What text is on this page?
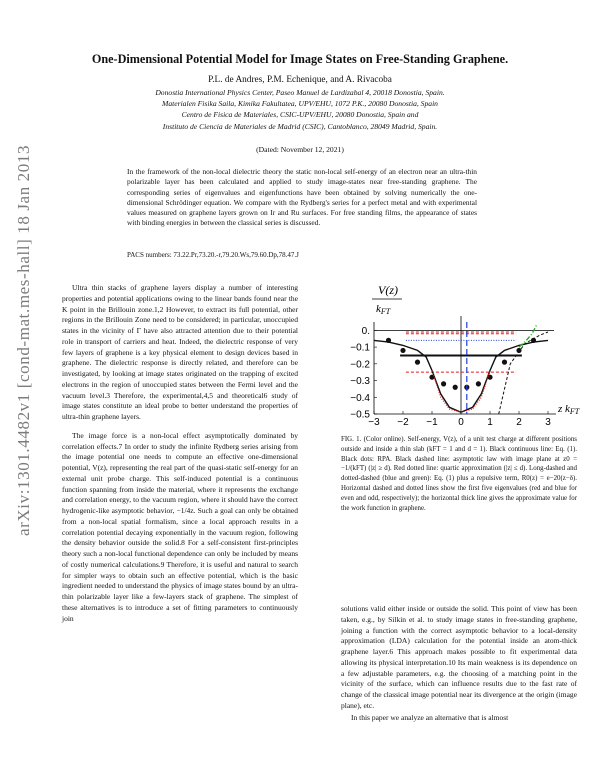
One-Dimensional Potential Model for Image States on Free-Standing Graphene.
P.L. de Andres, P.M. Echenique, and A. Rivacoba
Donostia International Physics Center, Paseo Manuel de Lardizabal 4, 20018 Donostia, Spain.
Materialen Fisika Saila, Kimika Fakultatea, UPV/EHU, 1072 P.K., 20080 Donostia, Spain
Centro de Fisica de Materiales, CSIC-UPV/EHU, 20080 Donostia, Spain and
Instituto de Ciencia de Materiales de Madrid (CSIC), Cantoblanco, 28049 Madrid, Spain.
(Dated: November 12, 2021)
In the framework of the non-local dielectric theory the static non-local self-energy of an electron near an ultra-thin polarizable layer has been calculated and applied to study image-states near free-standing graphene. The corresponding series of eigenvalues and eigenfunctions have been obtained by solving numerically the one-dimensional Schrödinger equation. We compare with the Rydberg's series for a perfect metal and with experimental values measured on graphene layers grown on Ir and Ru surfaces. For free standing films, the appearance of states with binding energies in between the classical series is discussed.
PACS numbers: 73.22.Pr,73.20.-r,79.20.Ws,79.60.Dp,78.47.J
arXiv:1301.4482v1 [cond-mat.mes-hall] 18 Jan 2013	Ultra thin stacks of graphene layers display a number of interesting properties and potential applications owing to the linear bands found near the K point in the Brillouin zone.1,2 However, to extract its full potential, other regions in the Brillouin Zone need to be considered; in particular, unoccupied states in the vicinity of Γ have also attracted attention due to their potential role in transport of carriers and heat. Indeed, the dielectric response of very few layers of graphene is a key physical element to design devices based in graphene. The dielectric response is directly related, and therefore can be investigated, by looking at image states originated on the trapping of excited electrons in the region of unoccupied states between the Fermi level and the vacuum level.3 Therefore, the experimental,4,5 and theoretical6 study of image states constitute an ideal probe to better understand the properties of ultra-thin graphene layers.

The image force is a non-local effect asymptotically dominated by correlation effects.7 In order to study the infinite Rydberg series arising from the image potential one needs to compute an effective one-dimensional potential, V(z), representing the real part of the quasi-static self-energy for an external unit probe charge. This self-induced potential is a continuous function spanning from inside the material, where it represents the exchange and correlation energy, to the vacuum region, where it should have the correct hydrogenic-like asymptotic behavior, −1/4z. Such a goal can only be obtained from a non-local spatial formalism, since a local approach results in a correlation potential decaying exponentially in the vacuum region, following the density behavior outside the solid.8 For a self-consistent first-principles theory such a non-local functional dependence can only be included by means of costly numerical calculations.9 Therefore, it is useful and natural to search for simpler ways to obtain such an effective potential, which is the basic ingredient needed to understand the physics of image states bound by an ultra-thin polarizable layer like a few-layers stack of graphene. The simplest of these alternatives is to introduce a set of fitting parameters to continuously join

0.
−0.1
−0.2
−0.3
−0.4
−0.5
−3 −2 −1 0 1 2 3
V(z)
kFT
z kFT
FIG. 1. (Color online). Self-energy, V(z), of a unit test charge at different positions outside and inside a thin slab (kFT = 1 and d = 1). Black continuous line: Eq. (1). Black dots: RPA. Black dashed line: asymptotic law with image plane at z0 = −1/(kFT) (|z| ≥ d). Red dotted line: quartic approximation (|z| ≤ d). Long-dashed and dotted-dashed (blue and green): Eq. (1) plus a repulsive term, R0(z) = e−20(z−δ). Horizontal dashed and dotted lines show the first five eigenvalues (red and blue for even and odd, respectively); the horizontal thick line gives the approximate value for the work function in graphene.

solutions valid either inside or outside the solid. This point of view has been taken, e.g., by Silkin et al. to study image states in free-standing graphene, joining a function with the correct asymptotic behavior to a local-density approximation (LDA) calculation for the potential inside an atom-thick graphene layer.6 This approach makes possible to fit experimental data allowing its physical interpretation.10 Its main weakness is its dependence on a few adjustable parameters, e.g. the choosing of a matching point in the vicinity of the surface, which can influence results due to the fast rate of change of the classical image potential near its divergence at the origin (image plane), etc.

In this paper we analyze an alternative that is almost
